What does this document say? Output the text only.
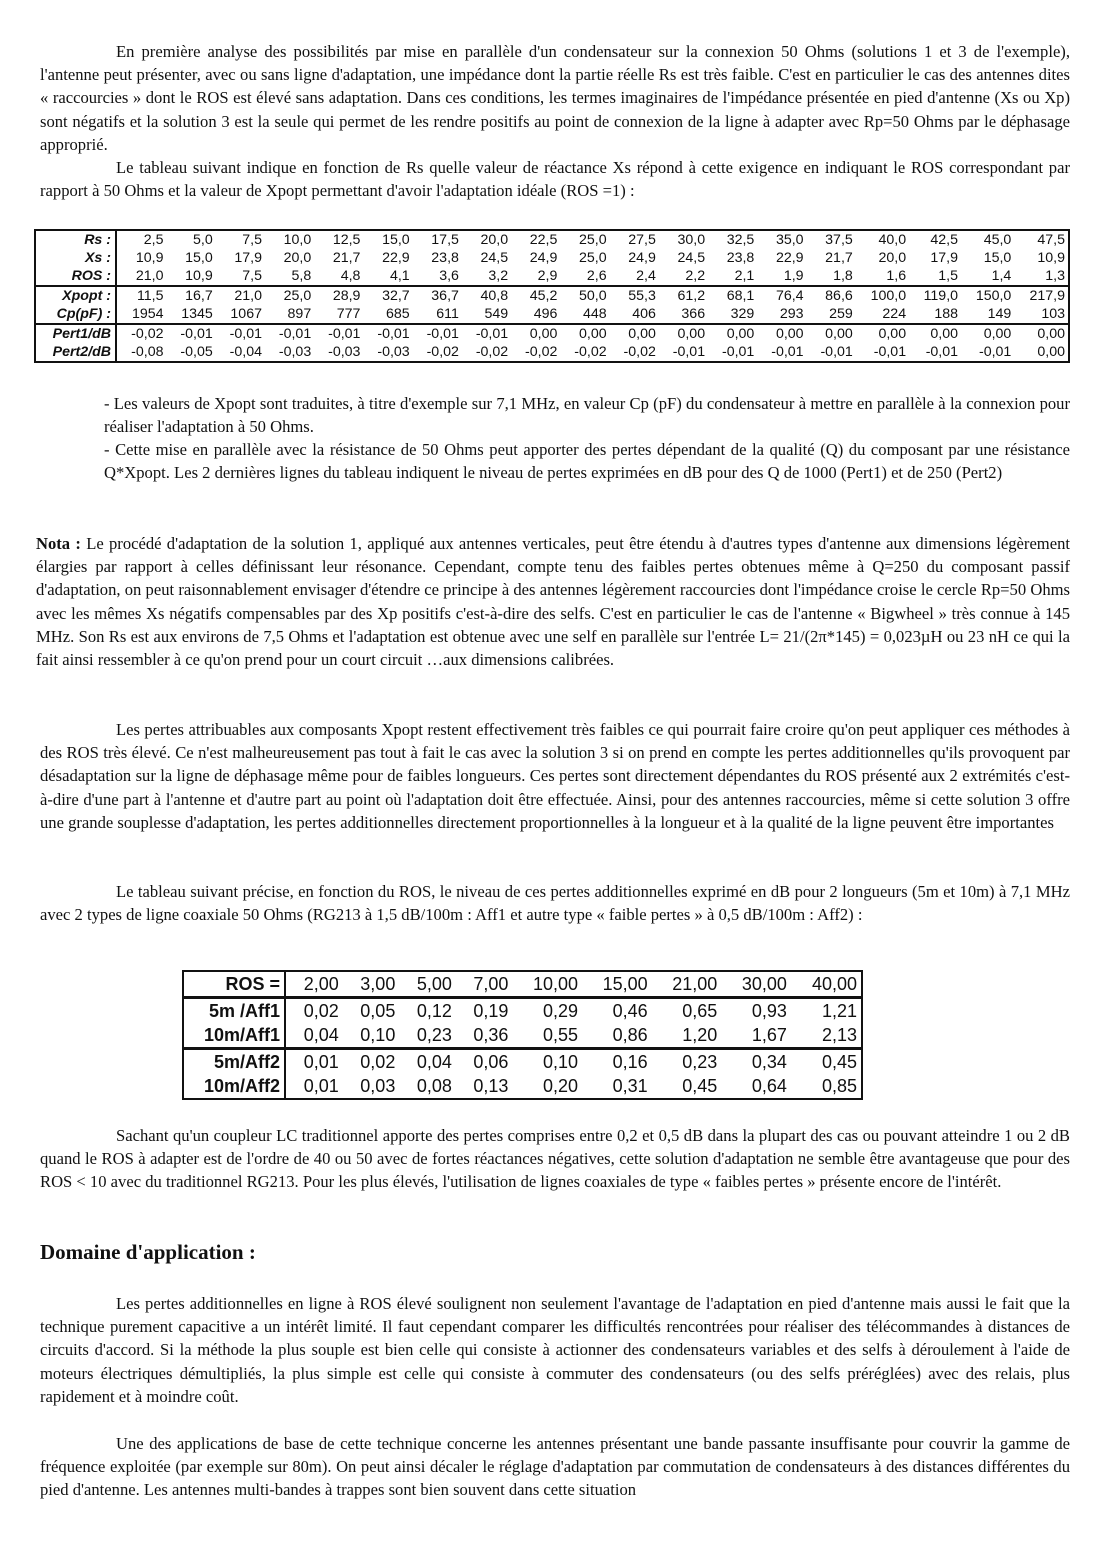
En première analyse des possibilités par mise en parallèle d'un condensateur sur la connexion 50 Ohms (solutions 1 et 3 de l'exemple), l'antenne peut présenter, avec ou sans ligne d'adaptation, une impédance dont la partie réelle Rs est très faible. C'est en particulier le cas des antennes dites « raccourcies » dont le ROS est élevé sans adaptation. Dans ces conditions, les termes imaginaires de l'impédance présentée en pied d'antenne (Xs ou Xp) sont négatifs et la solution 3 est la seule qui permet de les rendre positifs au point de connexion de la ligne à adapter avec Rp=50 Ohms par le déphasage approprié.

Le tableau suivant indique en fonction de Rs quelle valeur de réactance Xs répond à cette exigence en indiquant le ROS correspondant par rapport à 50 Ohms et la valeur de Xpopt permettant d'avoir l'adaptation idéale (ROS =1) :

Rs :	2,5	5,0	7,5	10,0	12,5	15,0	17,5	20,0	22,5	25,0	27,5	30,0	32,5	35,0	37,5	40,0	42,5	45,0	47,5
Xs :	10,9	15,0	17,9	20,0	21,7	22,9	23,8	24,5	24,9	25,0	24,9	24,5	23,8	22,9	21,7	20,0	17,9	15,0	10,9
ROS :	21,0	10,9	7,5	5,8	4,8	4,1	3,6	3,2	2,9	2,6	2,4	2,2	2,1	1,9	1,8	1,6	1,5	1,4	1,3
Xpopt :	11,5	16,7	21,0	25,0	28,9	32,7	36,7	40,8	45,2	50,0	55,3	61,2	68,1	76,4	86,6	100,0	119,0	150,0	217,9
Cp(pF) :	1954	1345	1067	897	777	685	611	549	496	448	406	366	329	293	259	224	188	149	103
Pert1/dB	-0,02	-0,01	-0,01	-0,01	-0,01	-0,01	-0,01	-0,01	0,00	0,00	0,00	0,00	0,00	0,00	0,00	0,00	0,00	0,00	0,00
Pert2/dB	-0,08	-0,05	-0,04	-0,03	-0,03	-0,03	-0,02	-0,02	-0,02	-0,02	-0,02	-0,01	-0,01	-0,01	-0,01	-0,01	-0,01	-0,01	0,00

- Les valeurs de Xpopt sont traduites, à titre d'exemple sur 7,1 MHz, en valeur Cp (pF) du condensateur à mettre en parallèle à la connexion pour réaliser l'adaptation à 50 Ohms.

- Cette mise en parallèle avec la résistance de 50 Ohms peut apporter des pertes dépendant de la qualité (Q) du composant par une résistance Q*Xpopt. Les 2 dernières lignes du tableau indiquent le niveau de pertes exprimées en dB pour des Q de 1000 (Pert1) et de 250 (Pert2)

Nota : Le procédé d'adaptation de la solution 1, appliqué aux antennes verticales, peut être étendu à d'autres types d'antenne aux dimensions légèrement élargies par rapport à celles définissant leur résonance. Cependant, compte tenu des faibles pertes obtenues même à Q=250 du composant passif d'adaptation, on peut raisonnablement envisager d'étendre ce principe à des antennes légèrement raccourcies dont l'impédance croise le cercle Rp=50 Ohms avec les mêmes Xs négatifs compensables par des Xp positifs c'est-à-dire des selfs. C'est en particulier le cas de l'antenne « Bigwheel » très connue à 145 MHz. Son Rs est aux environs de 7,5 Ohms et l'adaptation est obtenue avec une self en parallèle sur l'entrée L= 21/(2π*145) = 0,023µH ou 23 nH ce qui la fait ainsi ressembler à ce qu'on prend pour un court circuit …aux dimensions calibrées.

Les pertes attribuables aux composants Xpopt restent effectivement très faibles ce qui pourrait faire croire qu'on peut appliquer ces méthodes à des ROS très élevé. Ce n'est malheureusement pas tout à fait le cas avec la solution 3 si on prend en compte les pertes additionnelles qu'ils provoquent par désadaptation sur la ligne de déphasage même pour de faibles longueurs. Ces pertes sont directement dépendantes du ROS présenté aux 2 extrémités c'est-à-dire d'une part à l'antenne et d'autre part au point où l'adaptation doit être effectuée. Ainsi, pour des antennes raccourcies, même si cette solution 3 offre une grande souplesse d'adaptation, les pertes additionnelles directement proportionnelles à la longueur et à la qualité de la ligne peuvent être importantes

Le tableau suivant précise, en fonction du ROS, le niveau de ces pertes additionnelles exprimé en dB pour 2 longueurs (5m et 10m) à 7,1 MHz avec 2 types de ligne coaxiale 50 Ohms (RG213 à 1,5 dB/100m : Aff1 et autre type « faible pertes » à 0,5 dB/100m : Aff2) :

ROS =	2,00	3,00	5,00	7,00	10,00	15,00	21,00	30,00	40,00
5m /Aff1	0,02	0,05	0,12	0,19	0,29	0,46	0,65	0,93	1,21
10m/Aff1	0,04	0,10	0,23	0,36	0,55	0,86	1,20	1,67	2,13
5m/Aff2	0,01	0,02	0,04	0,06	0,10	0,16	0,23	0,34	0,45
10m/Aff2	0,01	0,03	0,08	0,13	0,20	0,31	0,45	0,64	0,85

Sachant qu'un coupleur LC traditionnel apporte des pertes comprises entre 0,2 et 0,5 dB dans la plupart des cas ou pouvant atteindre 1 ou 2 dB quand le ROS à adapter est de l'ordre de 40 ou 50 avec de fortes réactances négatives, cette solution d'adaptation ne semble être avantageuse que pour des ROS < 10 avec du traditionnel RG213. Pour les plus élevés, l'utilisation de lignes coaxiales de type « faibles pertes » présente encore de l'intérêt.

Domaine d'application :

Les pertes additionnelles en ligne à ROS élevé soulignent non seulement l'avantage de l'adaptation en pied d'antenne mais aussi le fait que la technique purement capacitive a un intérêt limité. Il faut cependant comparer les difficultés rencontrées pour réaliser des télécommandes à distances de circuits d'accord. Si la méthode la plus souple est bien celle qui consiste à actionner des condensateurs variables et des selfs à déroulement à l'aide de moteurs électriques démultipliés, la plus simple est celle qui consiste à commuter des condensateurs (ou des selfs préréglées) avec des relais, plus rapidement et à moindre coût.

Une des applications de base de cette technique concerne les antennes présentant une bande passante insuffisante pour couvrir la gamme de fréquence exploitée (par exemple sur 80m). On peut ainsi décaler le réglage d'adaptation par commutation de condensateurs à des distances différentes du pied d'antenne. Les antennes multi-bandes à trappes sont bien souvent dans cette situation
